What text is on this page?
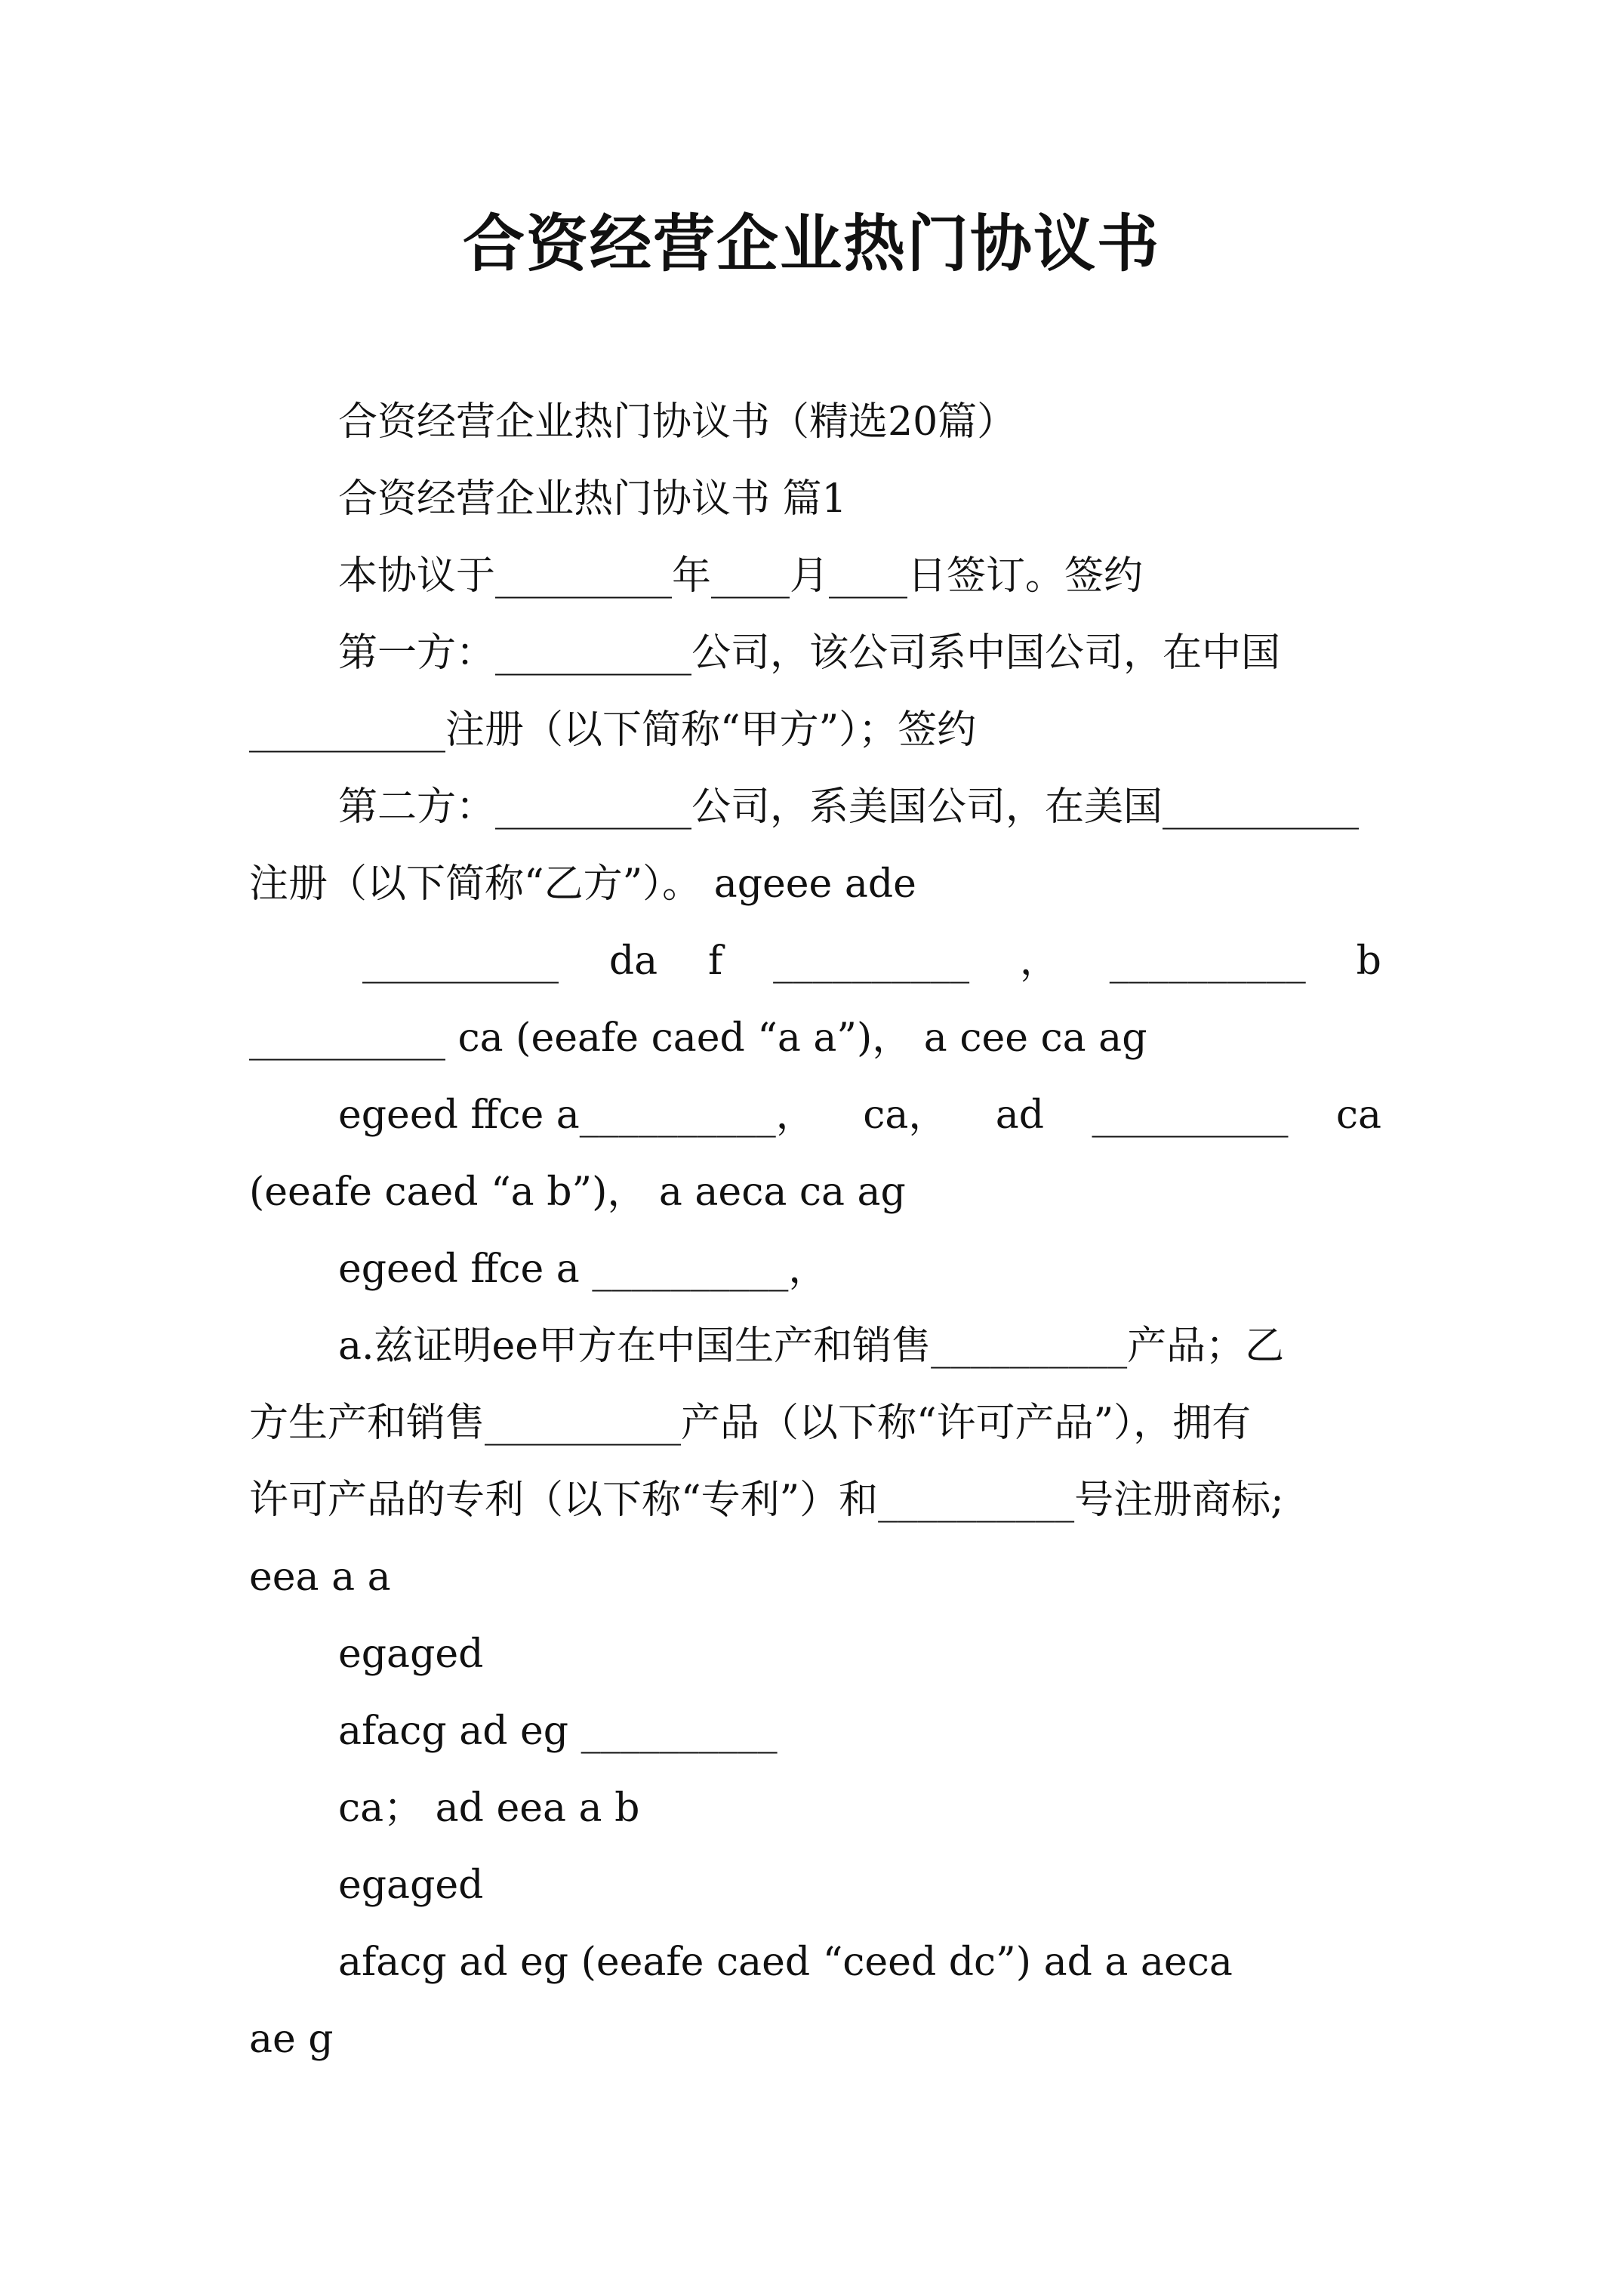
合资经营企业热门协议书
合资经营企业热门协议书（精选20篇）
合资经营企业热门协议书 篇1
本协议于_________年____月____日签订。签约
第一方：__________公司，该公司系中国公司，在中国
__________注册（以下简称“甲方”）；签约
第二方：__________公司，系美国公司，在美国__________
注册（以下简称“乙方”）。 ageee ade
__________ da f __________ ， __________ b
__________ ca (eeafe caed “a a”)， a cee ca ag
egeed ffce a__________， ca， ad __________ ca
(eeafe caed “a b”)， a aeca ca ag
egeed ffce a __________，
a.兹证明ee甲方在中国生产和销售__________产品；乙
方生产和销售__________产品（以下称“许可产品”），拥有
许可产品的专利（以下称“专利”）和__________号注册商标;
eea a a
egaged
afacg ad eg __________
ca； ad eea a b
egaged
afacg ad eg (eeafe caed “ceed dc”) ad a aeca
ae g
